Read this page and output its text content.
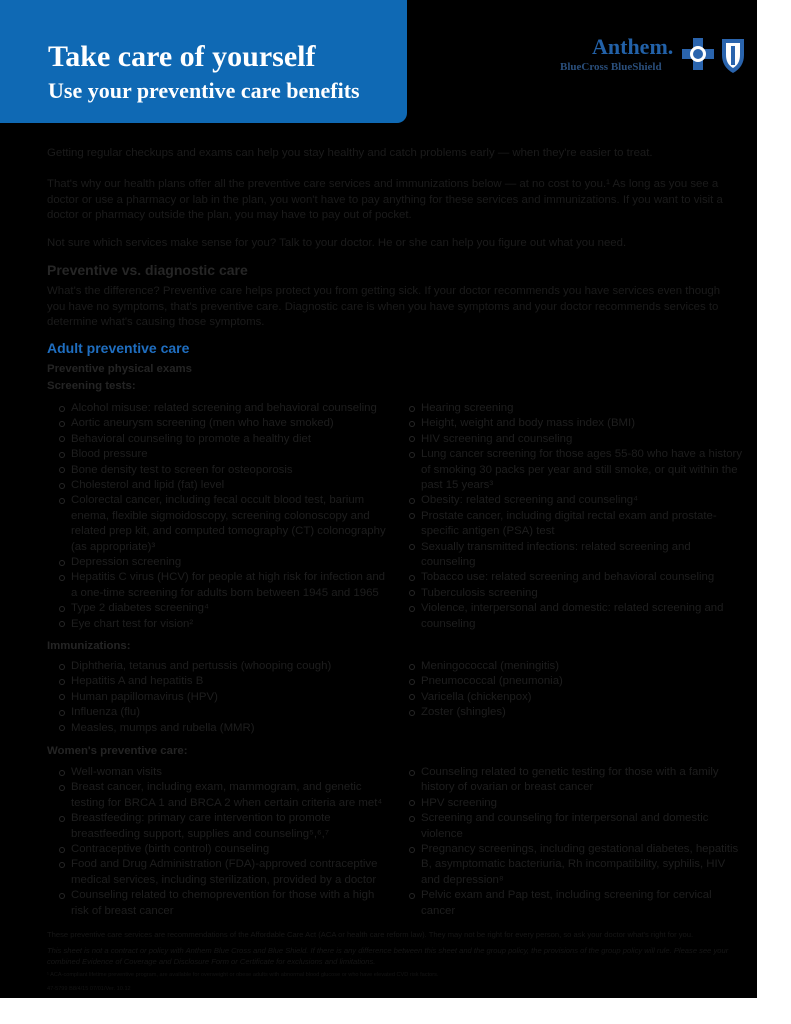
Take care of yourself
Use your preventive care benefits
Anthem.
BlueCross BlueShield
Getting regular checkups and exams can help you stay healthy and catch problems early — when they're easier to treat.
That's why our health plans offer all the preventive care services and immunizations below — at no cost to you.¹ As long as you see a doctor or use a pharmacy or lab in the plan, you won't have to pay anything for these services and immunizations. If you want to visit a doctor or pharmacy outside the plan, you may have to pay out of pocket.
Not sure which services make sense for you? Talk to your doctor. He or she can help you figure out what you need.
Preventive vs. diagnostic care
What's the difference? Preventive care helps protect you from getting sick. If your doctor recommends you have services even though you have no symptoms, that's preventive care. Diagnostic care is when you have symptoms and your doctor recommends services to determine what's causing those symptoms.
Adult preventive care
Preventive physical exams
Screening tests:
Alcohol misuse: related screening and behavioral counseling
Aortic aneurysm screening (men who have smoked)
Behavioral counseling to promote a healthy diet
Blood pressure
Bone density test to screen for osteoporosis
Cholesterol and lipid (fat) level
Colorectal cancer, including fecal occult blood test, barium enema, flexible sigmoidoscopy, screening colonoscopy and related prep kit, and computed tomography (CT) colonography (as appropriate)³
Depression screening
Hepatitis C virus (HCV) for people at high risk for infection and a one-time screening for adults born between 1945 and 1965
Type 2 diabetes screening⁴
Eye chart test for vision²
Hearing screening
Height, weight and body mass index (BMI)
HIV screening and counseling
Lung cancer screening for those ages 55-80 who have a history of smoking 30 packs per year and still smoke, or quit within the past 15 years³
Obesity: related screening and counseling⁴
Prostate cancer, including digital rectal exam and prostate-specific antigen (PSA) test
Sexually transmitted infections: related screening and counseling
Tobacco use: related screening and behavioral counseling
Tuberculosis screening
Violence, interpersonal and domestic: related screening and counseling
Immunizations:
Diphtheria, tetanus and pertussis (whooping cough)
Hepatitis A and hepatitis B
Human papillomavirus (HPV)
Influenza (flu)
Measles, mumps and rubella (MMR)
Meningococcal (meningitis)
Pneumococcal (pneumonia)
Varicella (chickenpox)
Zoster (shingles)
Women's preventive care:
Well-woman visits
Breast cancer, including exam, mammogram, and genetic testing for BRCA 1 and BRCA 2 when certain criteria are met⁴
Breastfeeding: primary care intervention to promote breastfeeding support, supplies and counseling⁵,⁶,⁷
Contraceptive (birth control) counseling
Food and Drug Administration (FDA)-approved contraceptive medical services, including sterilization, provided by a doctor
Counseling related to chemoprevention for those with a high risk of breast cancer
Counseling related to genetic testing for those with a family history of ovarian or breast cancer
HPV screening
Screening and counseling for interpersonal and domestic violence
Pregnancy screenings, including gestational diabetes, hepatitis B, asymptomatic bacteriuria, Rh incompatibility, syphilis, HIV and depression⁸
Pelvic exam and Pap test, including screening for cervical cancer
These preventive care services are recommendations of the Affordable Care Act (ACA or health care reform law). They may not be right for every person, so ask your doctor what's right for you.
This sheet is not a contract or policy with Anthem Blue Cross and Blue Shield. If there is any difference between this sheet and the group policy, the provisions of the group policy will rule. Please see your combined Evidence of Coverage and Disclosure Form or Certificate for exclusions and limitations.
¹ ACA-compliant lifetime preventive program, are available for overweight or obese adults with abnormal blood glucose or who have elevated CVD risk factors.
47-5799 B8/4/15 07/01/Ver. 10.12
